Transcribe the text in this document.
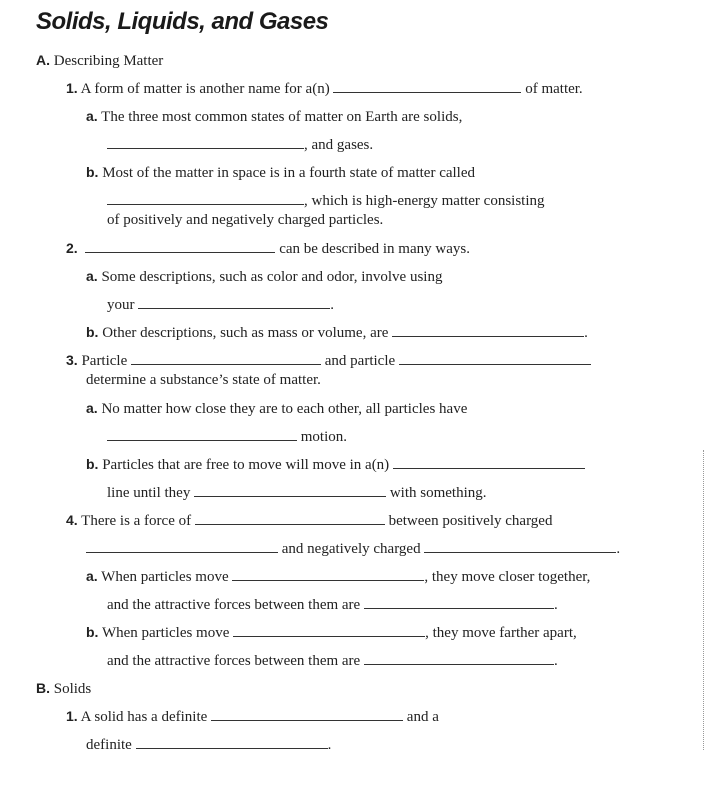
Solids, Liquids, and Gases
A. Describing Matter
1. A form of matter is another name for a(n)	of matter.
a. The three most common states of matter on Earth are solids,
, and gases.
b. Most of the matter in space is in a fourth state of matter called
, which is high-energy matter consisting
of positively and negatively charged particles.
2.	can be described in many ways.
a. Some descriptions, such as color and odor, involve using
your	.
b. Other descriptions, such as mass or volume, are	.
3. Particle	and particle
determine a substance’s state of matter.
a. No matter how close they are to each other, all particles have
motion.
b. Particles that are free to move will move in a(n)
line until they	with something.
4. There is a force of	between positively charged
and negatively charged	.
a. When particles move	, they move closer together,
and the attractive forces between them are	.
b. When particles move	, they move farther apart,
and the attractive forces between them are	.
B. Solids
1. A solid has a definite	and a
definite	.
